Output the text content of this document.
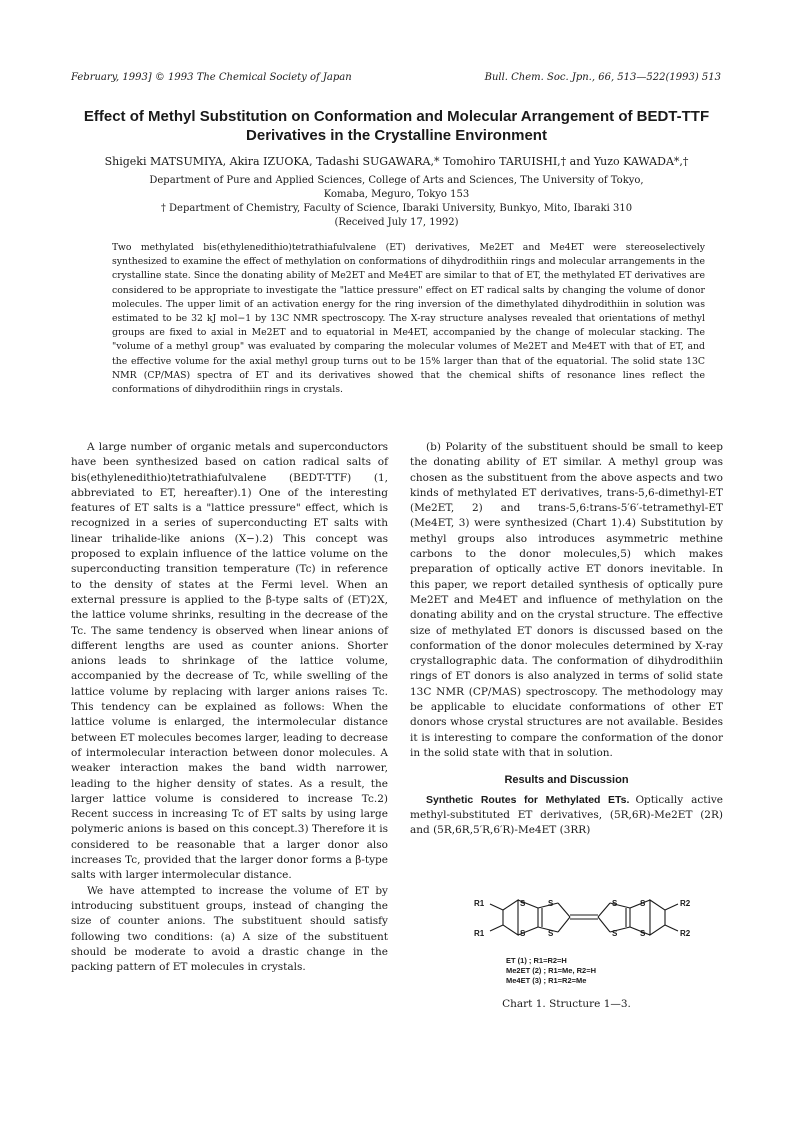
February, 1993] © 1993 The Chemical Society of Japan	Bull. Chem. Soc. Jpn., 66, 513—522(1993) 513
Effect of Methyl Substitution on Conformation and Molecular Arrangement of BEDT-TTF Derivatives in the Crystalline Environment
Shigeki MATSUMIYA, Akira IZUOKA, Tadashi SUGAWARA,* Tomohiro TARUISHI,† and Yuzo KAWADA*,†
Department of Pure and Applied Sciences, College of Arts and Sciences, The University of Tokyo,
Komaba, Meguro, Tokyo 153
† Department of Chemistry, Faculty of Science, Ibaraki University, Bunkyo, Mito, Ibaraki 310
(Received July 17, 1992)

Two methylated bis(ethylenedithio)tetrathiafulvalene (ET) derivatives, Me2ET and Me4ET were stereoselectively synthesized to examine the effect of methylation on conformations of dihydrodithiin rings and molecular arrangements in the crystalline state. Since the donating ability of Me2ET and Me4ET are similar to that of ET, the methylated ET derivatives are considered to be appropriate to investigate the "lattice pressure" effect on ET radical salts by changing the volume of donor molecules. The upper limit of an activation energy for the ring inversion of the dimethylated dihydrodithiin in solution was estimated to be 32 kJ mol−1 by 13C NMR spectroscopy. The X-ray structure analyses revealed that orientations of methyl groups are fixed to axial in Me2ET and to equatorial in Me4ET, accompanied by the change of molecular stacking. The "volume of a methyl group" was evaluated by comparing the molecular volumes of Me2ET and Me4ET with that of ET, and the effective volume for the axial methyl group turns out to be 15% larger than that of the equatorial. The solid state 13C NMR (CP/MAS) spectra of ET and its derivatives showed that the chemical shifts of resonance lines reflect the conformations of dihydrodithiin rings in crystals.

A large number of organic metals and superconductors have been synthesized based on cation radical salts of bis(ethylenedithio)tetrathiafulvalene (BEDT-TTF) (1, abbreviated to ET, hereafter).1) One of the interesting features of ET salts is a "lattice pressure" effect, which is recognized in a series of superconducting ET salts with linear trihalide-like anions (X−).2) This concept was proposed to explain influence of the lattice volume on the superconducting transition temperature (Tc) in reference to the density of states at the Fermi level. When an external pressure is applied to the β-type salts of (ET)2X, the lattice volume shrinks, resulting in the decrease of the Tc. The same tendency is observed when linear anions of different lengths are used as counter anions. Shorter anions leads to shrinkage of the lattice volume, accompanied by the decrease of Tc, while swelling of the lattice volume by replacing with larger anions raises Tc. This tendency can be explained as follows: When the lattice volume is enlarged, the intermolecular distance between ET molecules becomes larger, leading to decrease of intermolecular interaction between donor molecules. A weaker interaction makes the band width narrower, leading to the higher density of states. As a result, the larger lattice volume is considered to increase Tc.2) Recent success in increasing Tc of ET salts by using large polymeric anions is based on this concept.3) Therefore it is considered to be reasonable that a larger donor also increases Tc, provided that the larger donor forms a β-type salts with larger intermolecular distance.

We have attempted to increase the volume of ET by introducing substituent groups, instead of changing the size of counter anions. The substituent should satisfy following two conditions: (a) A size of the substituent should be moderate to avoid a drastic change in the packing pattern of ET molecules in crystals.

(b) Polarity of the substituent should be small to keep the donating ability of ET similar. A methyl group was chosen as the substituent from the above aspects and two kinds of methylated ET derivatives, trans-5,6-dimethyl-ET (Me2ET, 2) and trans-5,6:trans-5′6′-tetramethyl-ET (Me4ET, 3) were synthesized (Chart 1).4) Substitution by methyl groups also introduces asymmetric methine carbons to the donor molecules,5) which makes preparation of optically active ET donors inevitable. In this paper, we report detailed synthesis of optically pure Me2ET and Me4ET and influence of methylation on the donating ability and on the crystal structure. The effective size of methylated ET donors is discussed based on the conformation of the donor molecules determined by X-ray crystallographic data. The conformation of dihydrodithiin rings of ET donors is also analyzed in terms of solid state 13C NMR (CP/MAS) spectroscopy. The methodology may be applicable to elucidate conformations of other ET donors whose crystal structures are not available. Besides it is interesting to compare the conformation of the donor in the solid state with that in solution.

Results and Discussion

Synthetic Routes for Methylated ETs. Optically active methyl-substituted ET derivatives, (5R,6R)-Me2ET (2R) and (5R,6R,5′R,6′R)-Me4ET (3RR)

R1
R1
R2
R2
S
S
S
S
S
S
S
S
ET (1) ; R1=R2=H
Me2ET (2) ; R1=Me, R2=H
Me4ET (3) ; R1=R2=Me
Chart 1. Structure 1—3.
